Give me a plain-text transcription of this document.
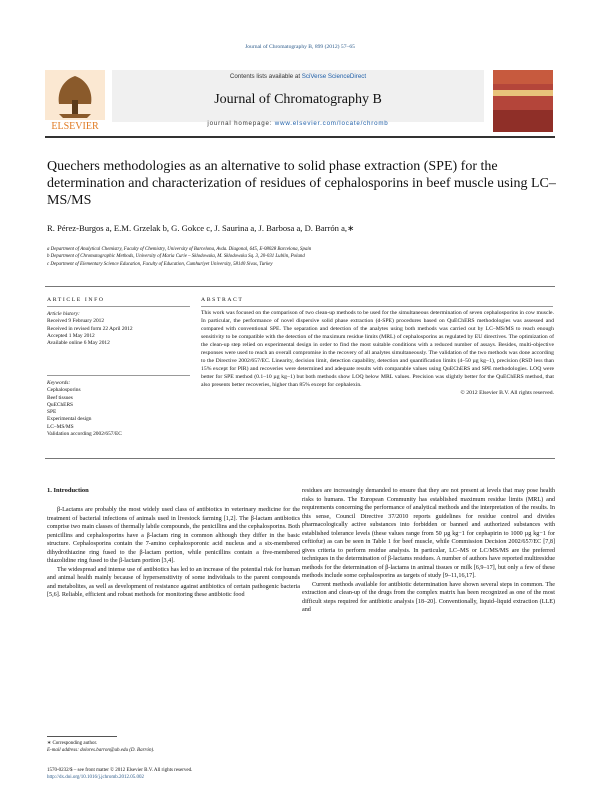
Journal of Chromatography B, 899 (2012) 57–65
ELSEVIER
Contents lists available at SciVerse ScienceDirect
Journal of Chromatography B
journal homepage: www.elsevier.com/locate/chromb
Quechers methodologies as an alternative to solid phase extraction (SPE) for the determination and characterization of residues of cephalosporins in beef muscle using LC–MS/MS
R. Pérez-Burgos a, E.M. Grzelak b, G. Gokce c, J. Saurina a, J. Barbosa a, D. Barrón a,∗
a Department of Analytical Chemistry, Faculty of Chemistry, University of Barcelona, Avda. Diagonal, 645, E-08028 Barcelona, Spain
b Department of Chromatographic Methods, University of Maria Curie – Sklodowska, M. Sklodowska Sq. 3, 20-031 Lublin, Poland
c Department of Elementary Science Education, Faculty of Education, Cumhuriyet University, 58140 Sivas, Turkey
ARTICLE INFO	ABSTRACT
Article history:
Received 9 February 2012
Received in revised form 22 April 2012
Accepted 1 May 2012
Available online 6 May 2012
Keywords:
Cephalosporins
Beef tissues
QuEChERS
SPE
Experimental design
LC–MS/MS
Validation according 2002/657/EC
This work was focused on the comparison of two clean-up methods to be used for the simultaneous determination of seven cephalosporins in cow muscle. In particular, the performance of novel dispersive solid phase extraction (d-SPE) procedures based on QuEChERS methodologies was assessed and compared with conventional SPE. The separation and detection of the analytes using both methods was carried out by LC–MS/MS to reach enough sensitivity to be compatible with the detection of the maximum residue limits (MRL) of cephalosporins as regulated by EU directives. The optimization of the clean-up step relied on experimental design in order to find the most suitable conditions with a reduced number of assays. Besides, multi-objective responses were used to reach an overall compromise in the recovery of all analytes simultaneously. The validation of the two methods was done according to the Directive 2002/657/EC. Linearity, decision limit, detection capability, detection and quantification limits (4–50 µg kg−1), precision (RSD less than 15% except for PIR) and recoveries were determined and adequate results with comparable values using QuEChERS and SPE methodologies. LOQ were better for SPE method (0.1–10 µg kg−1) but both methods show LOQ below MRL values. Precision was slightly better for the QuEChERS method, that also presents better recoveries, higher than 85% except for cephalexin.
© 2012 Elsevier B.V. All rights reserved.
1. Introduction

β-Lactams are probably the most widely used class of antibiotics in veterinary medicine for the treatment of bacterial infections of animals used in livestock farming [1,2]. The β-lactam antibiotics comprise two main classes of thermally labile compounds, the penicillins and the cephalosporins. Both penicillins and cephalosporins have a β-lactam ring in common although they differ in the basic structure. Cephalosporins contain the 7-amino cephalosporonic acid nucleus and a six-membered dihydrothiazine ring fused to the β-lactam portion, while penicillins contain a five-membered thiazolidine ring fused to the β-lactam portion [3,4].

The widespread and intense use of antibiotics has led to an increase of the potential risk for human and animal health mainly because of hypersensitivity of some individuals to the parent compounds and metabolites, as well as development of resistance against antibiotics of certain pathogenic bacteria [5,6]. Reliable, efficient and robust methods for monitoring these antibiotic food

residues are increasingly demanded to ensure that they are not present at levels that may pose health risks to humans. The European Community has established maximum residue limits (MRL) and requirements concerning the performance of analytical methods and the interpretation of the results. In this sense, Council Directive 37/2010 reports guidelines for residue control and divides pharmacologically active substances into forbidden or banned and authorized substances with established tolerance levels (these values range from 50 µg kg−1 for cephapirin to 1000 µg kg−1 for ceftiofur) as can be seen in Table 1 for beef muscle, while Commission Decision 2002/657/EC [7,8] gives criteria to perform residue analysis. In particular, LC–MS or LC/MS/MS are the preferred techniques in the determination of β-lactams residues. A number of authors have reported multiresidue methods for the determination of β-lactams in animal tissues or milk [6,9–17], but only a few of these methods include some cephalosporins as targets of study [9–11,16,17].

Current methods available for antibiotic determination have shown several steps in common. The extraction and clean-up of the drugs from the complex matrix has been recognized as one of the most difficult steps required for antibiotic analysis [18–20]. Conventionally, liquid–liquid extraction (LLE) and

∗ Corresponding author.
E-mail address: dolores.barron@ub.edu (D. Barrón).
1570-0232/$ – see front matter © 2012 Elsevier B.V. All rights reserved.
http://dx.doi.org/10.1016/j.jchromb.2012.05.002
